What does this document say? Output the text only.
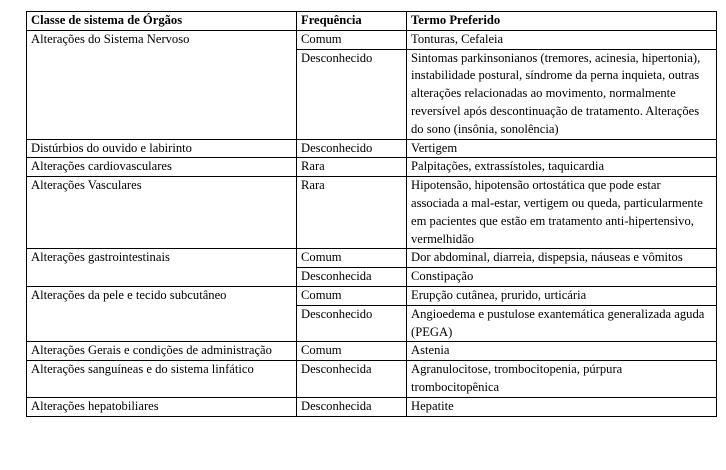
Classe de sistema de Órgãos	Frequência	Termo Preferido
Alterações do Sistema Nervoso	Comum	Tonturas, Cefaleia
	Desconhecido	Sintomas parkinsonianos (tremores, acinesia, hipertonia), instabilidade postural, síndrome da perna inquieta, outras alterações relacionadas ao movimento, normalmente reversível após descontinuação de tratamento. Alterações do sono (insônia, sonolência)
Distúrbios do ouvido e labirinto	Desconhecido	Vertigem
Alterações cardiovasculares	Rara	Palpitações, extrassístoles, taquicardia
Alterações Vasculares	Rara	Hipotensão, hipotensão ortostática que pode estar associada a mal-estar, vertigem ou queda, particularmente em pacientes que estão em tratamento anti-hipertensivo, vermelhidão
Alterações gastrointestinais	Comum	Dor abdominal, diarreia, dispepsia, náuseas e vômitos
	Desconhecida	Constipação
Alterações da pele e tecido subcutâneo	Comum	Erupção cutânea, prurido, urticária
	Desconhecido	Angioedema e pustulose exantemática generalizada aguda (PEGA)
Alterações Gerais e condições de administração	Comum	Astenia
Alterações sanguíneas e do sistema linfático	Desconhecida	Agranulocitose, trombocitopenia, púrpura trombocitopênica
Alterações hepatobiliares	Desconhecida	Hepatite
